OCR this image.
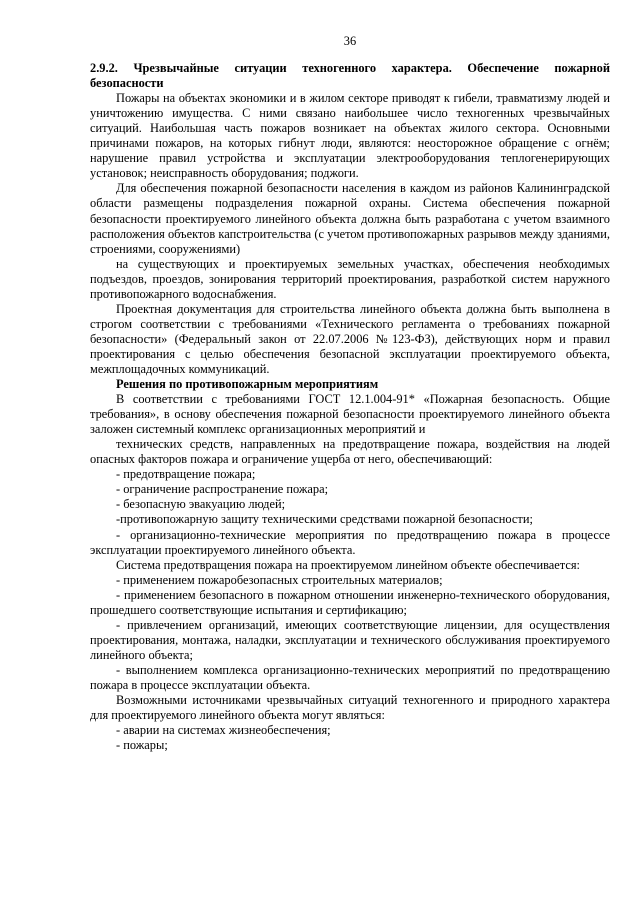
36
2.9.2. Чрезвычайные ситуации техногенного характера. Обеспечение пожарной безопасности
Пожары на объектах экономики и в жилом секторе приводят к гибели, травматизму людей и уничтожению имущества. С ними связано наибольшее число техногенных чрезвычайных ситуаций. Наибольшая часть пожаров возникает на объектах жилого сектора. Основными причинами пожаров, на которых гибнут люди, являются: неосторожное обращение с огнём; нарушение правил устройства и эксплуатации электрооборудования теплогенерирующих установок; неисправность оборудования; поджоги.
Для обеспечения пожарной безопасности населения в каждом из районов Калининградской области размещены подразделения пожарной охраны. Система обеспечения пожарной безопасности проектируемого линейного объекта должна быть разработана с учетом взаимного расположения объектов капстроительства (с учетом противопожарных разрывов между зданиями, строениями, сооружениями)
на существующих и проектируемых земельных участках, обеспечения необходимых подъездов, проездов, зонирования территорий проектирования, разработкой систем наружного противопожарного водоснабжения.
Проектная документация для строительства линейного объекта должна быть выполнена в строгом соответствии с требованиями «Технического регламента о требованиях пожарной безопасности» (Федеральный закон от 22.07.2006 №123-ФЗ), действующих норм и правил проектирования с целью обеспечения безопасной эксплуатации проектируемого объекта, межплощадочных коммуникаций.
Решения по противопожарным мероприятиям
В соответствии с требованиями ГОСТ 12.1.004-91* «Пожарная безопасность. Общие требования», в основу обеспечения пожарной безопасности проектируемого линейного объекта заложен системный комплекс организационных мероприятий и
технических средств, направленных на предотвращение пожара, воздействия на людей опасных факторов пожара и ограничение ущерба от него, обеспечивающий:
- предотвращение пожара;
- ограничение распространение пожара;
- безопасную эвакуацию людей;
-противопожарную защиту техническими средствами пожарной безопасности;
- организационно-технические мероприятия по предотвращению пожара в процессе эксплуатации проектируемого линейного объекта.
Система предотвращения пожара на проектируемом линейном объекте обеспечивается:
- применением пожаробезопасных строительных материалов;
- применением безопасного в пожарном отношении инженерно-технического оборудования, прошедшего соответствующие испытания и сертификацию;
- привлечением организаций, имеющих соответствующие лицензии, для осуществления проектирования, монтажа, наладки, эксплуатации и технического обслуживания проектируемого линейного объекта;
- выполнением комплекса организационно-технических мероприятий по предотвращению пожара в процессе эксплуатации объекта.
Возможными источниками чрезвычайных ситуаций техногенного и природного характера для проектируемого линейного объекта могут являться:
- аварии на системах жизнеобеспечения;
- пожары;
